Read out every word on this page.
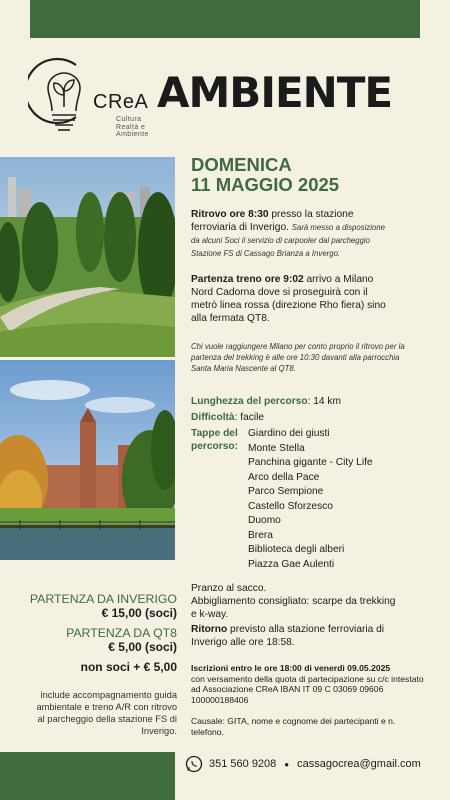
CReA
Cultura
Realtà e
Ambiente
AMBIENTE
DOMENICA
11 MAGGIO 2025
Ritrovo ore 8:30 presso la stazione ferroviaria di Inverigo. Sarà messo a disposizione da alcuni Soci il servizio di carpooler dal parcheggio Stazione FS di Cassago Brianza a Invergo.
Partenza treno ore 9:02 arrivo a Milano Nord Cadorna dove si proseguirà con il metrò linea rossa (direzione Rho fiera) sino alla fermata QT8.
Chi vuole raggiungere Milano per conto proprio il ritrovo per la partenza del trekking è alle ore 10:30 davanti alla parrocchia Santa Maria Nascente al QT8.
Lunghezza del percorso: 14 km
Difficoltà: facile
Tappe del
percorso:
Giardino dei giusti
Monte Stella
Panchina gigante - City Life
Arco della Pace
Parco Sempione
Castello Sforzesco
Duomo
Brera
Biblioteca degli alberi
Piazza Gae Aulenti
PARTENZA DA INVERIGO
€ 15,00 (soci)
PARTENZA DA QT8
€ 5,00 (soci)
non soci + € 5,00
include accompagnamento guida ambientale e treno A/R con ritrovo al parcheggio della stazione FS di Inverigo.
Pranzo al sacco.
Abbigliamento consigliato: scarpe da trekking e k-way.
Ritorno previsto alla stazione ferroviaria di Inverigo alle ore 18:58.
Iscrizioni entro le ore 18:00 di venerdì 09.05.2025
con versamento della quota di partecipazione su c/c intestato ad Associazione CReA IBAN IT 09 C 03069 09606 100000188406
Causale: GITA, nome e cognome dei partecipanti e n. telefono.
351 560 9208 ● cassagocrea@gmail.com
